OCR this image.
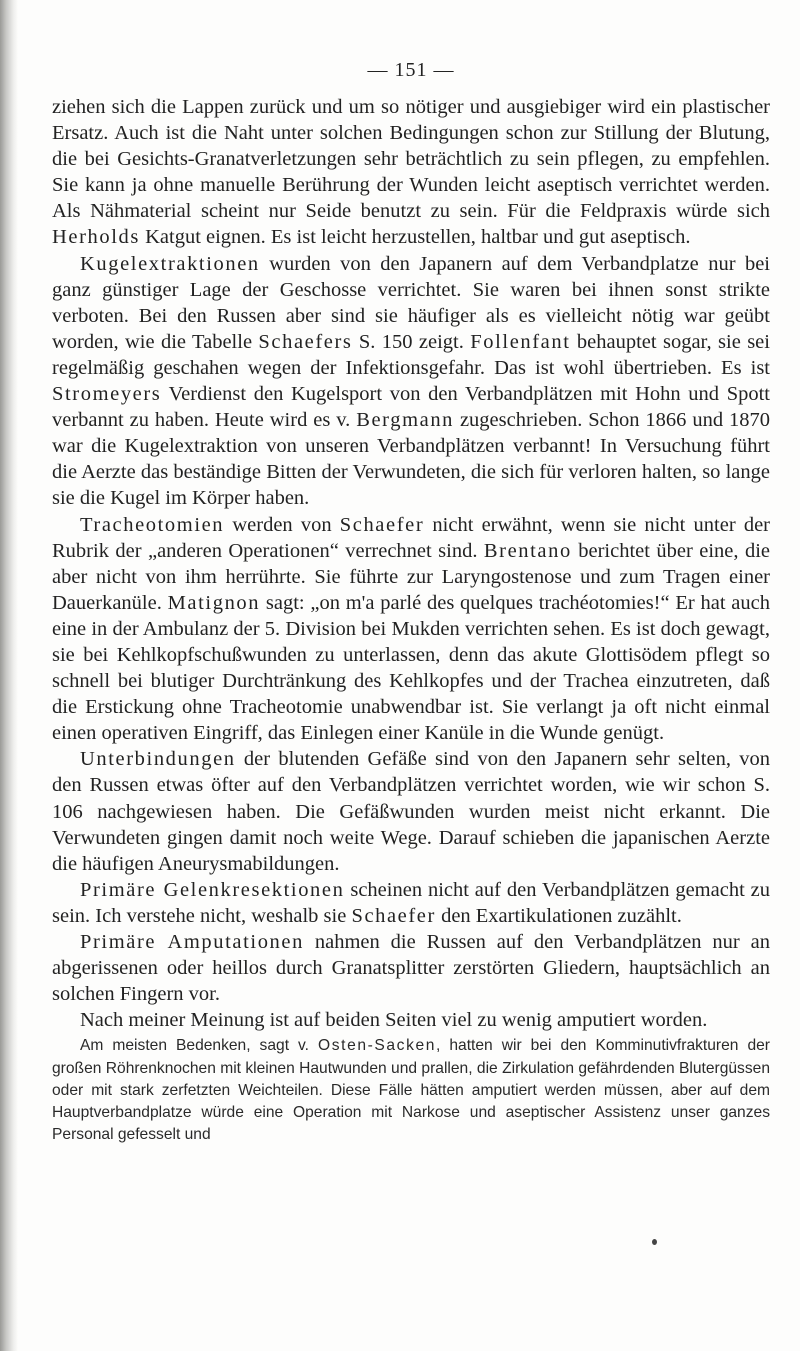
— 151 —

ziehen sich die Lappen zurück und um so nötiger und ausgiebiger wird ein plastischer Ersatz. Auch ist die Naht unter solchen Bedingungen schon zur Stillung der Blutung, die bei Gesichts-Granatverletzungen sehr beträchtlich zu sein pflegen, zu empfehlen. Sie kann ja ohne manuelle Berührung der Wunden leicht aseptisch verrichtet werden. Als Nähmaterial scheint nur Seide benutzt zu sein. Für die Feldpraxis würde sich Herholds Katgut eignen. Es ist leicht herzustellen, haltbar und gut aseptisch.

Kugelextraktionen wurden von den Japanern auf dem Verbandplatze nur bei ganz günstiger Lage der Geschosse verrichtet. Sie waren bei ihnen sonst strikte verboten. Bei den Russen aber sind sie häufiger als es vielleicht nötig war geübt worden, wie die Tabelle Schaefers S. 150 zeigt. Follenfant behauptet sogar, sie sei regelmäßig geschahen wegen der Infektionsgefahr. Das ist wohl übertrieben. Es ist Stromeyers Verdienst den Kugelsport von den Verbandplätzen mit Hohn und Spott verbannt zu haben. Heute wird es v. Bergmann zugeschrieben. Schon 1866 und 1870 war die Kugelextraktion von unseren Verbandplätzen verbannt! In Versuchung führt die Aerzte das beständige Bitten der Verwundeten, die sich für verloren halten, so lange sie die Kugel im Körper haben.

Tracheotomien werden von Schaefer nicht erwähnt, wenn sie nicht unter der Rubrik der „anderen Operationen“ verrechnet sind. Brentano berichtet über eine, die aber nicht von ihm herrührte. Sie führte zur Laryngostenose und zum Tragen einer Dauerkanüle. Matignon sagt: „on m'a parlé des quelques trachéotomies!“ Er hat auch eine in der Ambulanz der 5. Division bei Mukden verrichten sehen. Es ist doch gewagt, sie bei Kehlkopfschußwunden zu unterlassen, denn das akute Glottisödem pflegt so schnell bei blutiger Durchtränkung des Kehlkopfes und der Trachea einzutreten, daß die Erstickung ohne Tracheotomie unabwendbar ist. Sie verlangt ja oft nicht einmal einen operativen Eingriff, das Einlegen einer Kanüle in die Wunde genügt.

Unterbindungen der blutenden Gefäße sind von den Japanern sehr selten, von den Russen etwas öfter auf den Verbandplätzen verrichtet worden, wie wir schon S. 106 nachgewiesen haben. Die Gefäßwunden wurden meist nicht erkannt. Die Verwundeten gingen damit noch weite Wege. Darauf schieben die japanischen Aerzte die häufigen Aneurysmabildungen.

Primäre Gelenkresektionen scheinen nicht auf den Verbandplätzen gemacht zu sein. Ich verstehe nicht, weshalb sie Schaefer den Exartikulationen zuzählt.

Primäre Amputationen nahmen die Russen auf den Verbandplätzen nur an abgerissenen oder heillos durch Granatsplitter zerstörten Gliedern, hauptsächlich an solchen Fingern vor.

Nach meiner Meinung ist auf beiden Seiten viel zu wenig amputiert worden.

Am meisten Bedenken, sagt v. Osten-Sacken, hatten wir bei den Komminutivfrakturen der großen Röhrenknochen mit kleinen Hautwunden und prallen, die Zirkulation gefährdenden Blutergüssen oder mit stark zerfetzten Weichteilen. Diese Fälle hätten amputiert werden müssen, aber auf dem Hauptverbandplatze würde eine Operation mit Narkose und aseptischer Assistenz unser ganzes Personal gefesselt und
